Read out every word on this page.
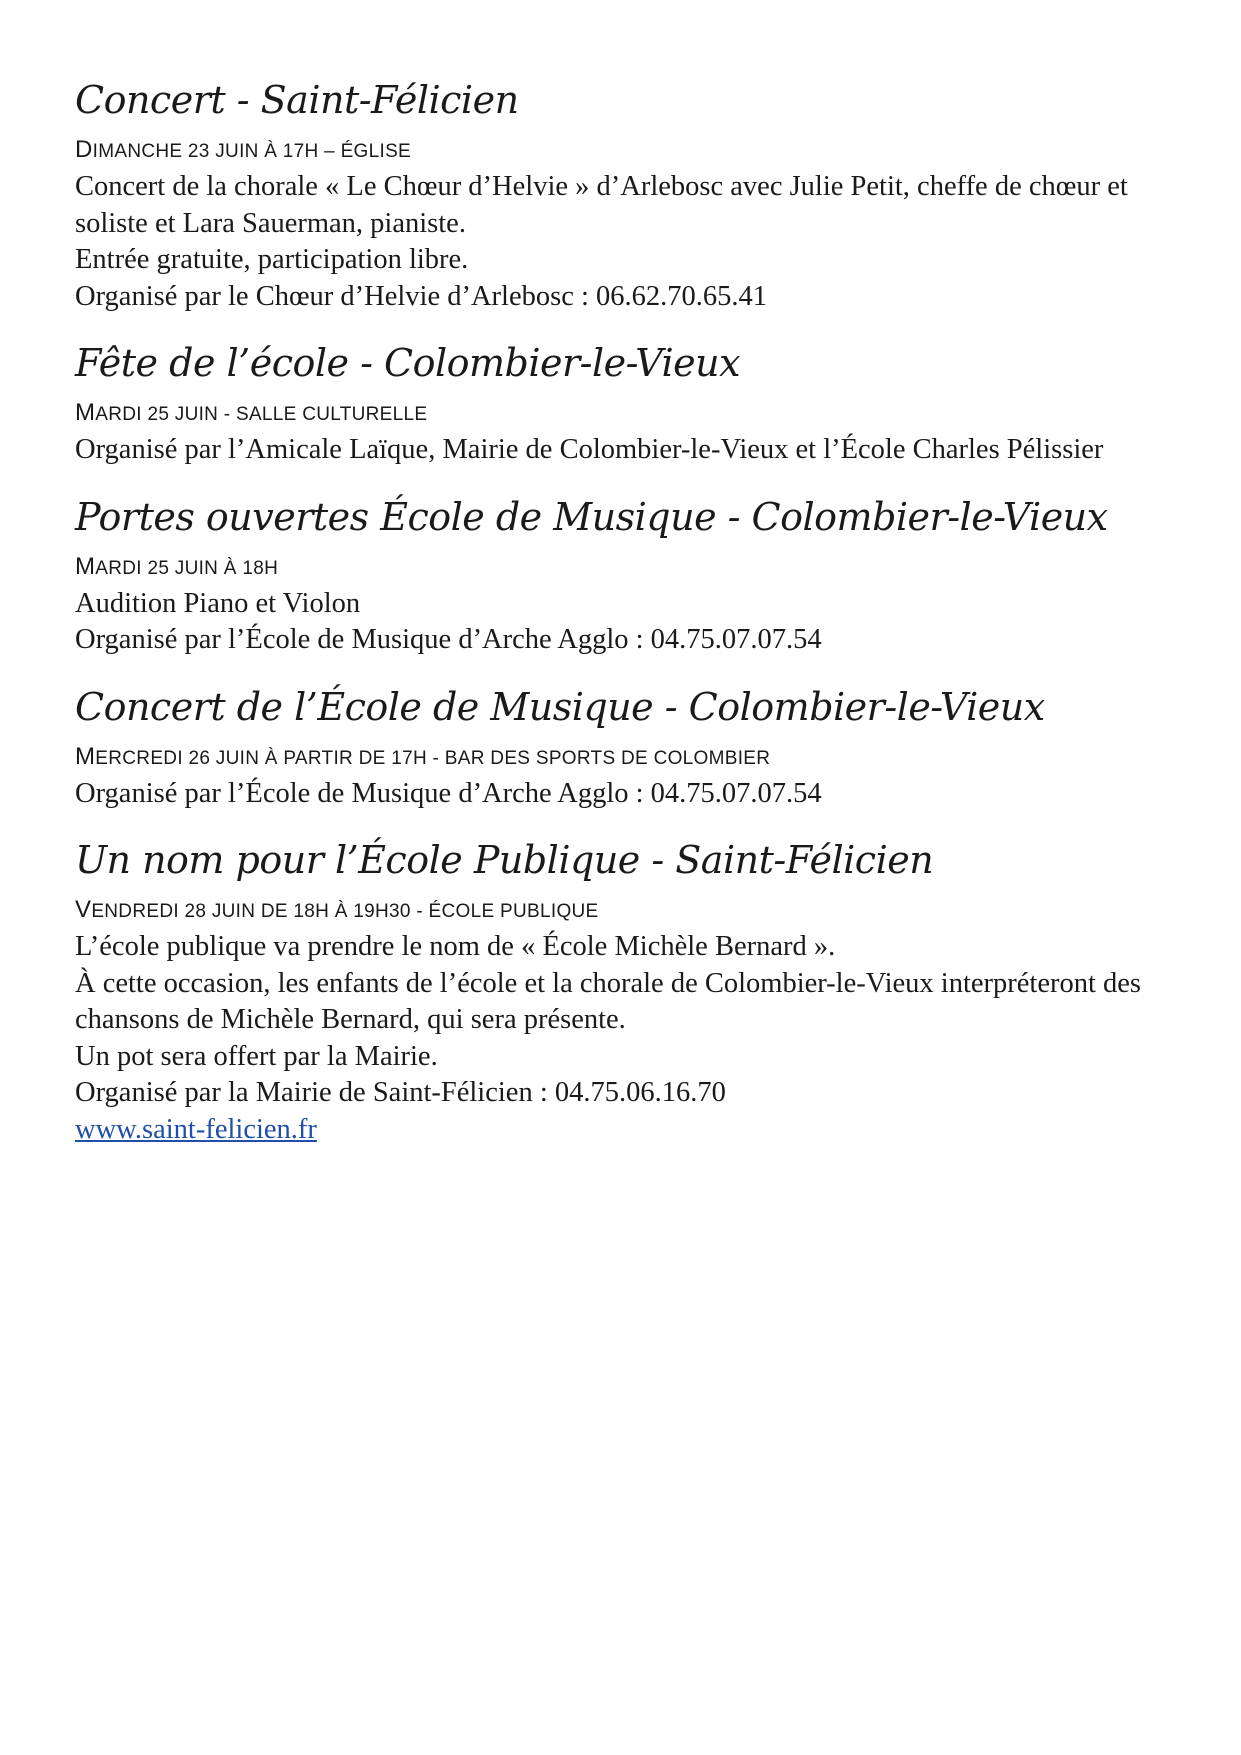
Concert - Saint-Félicien

DIMANCHE 23 JUIN À 17H – ÉGLISE

Concert de la chorale « Le Chœur d’Helvie » d’Arlebosc avec Julie Petit, cheffe de chœur et soliste et Lara Sauerman, pianiste.

Entrée gratuite, participation libre.

Organisé par le Chœur d’Helvie d’Arlebosc : 06.62.70.65.41

Fête de l’école - Colombier-le-Vieux

MARDI 25 JUIN - SALLE CULTURELLE

Organisé par l’Amicale Laïque, Mairie de Colombier-le-Vieux et l’École Charles Pélissier

Portes ouvertes École de Musique - Colombier-le-Vieux

MARDI 25 JUIN À 18H

Audition Piano et Violon

Organisé par l’École de Musique d’Arche Agglo : 04.75.07.07.54

Concert de l’École de Musique - Colombier-le-Vieux

MERCREDI 26 JUIN À PARTIR DE 17H - BAR DES SPORTS DE COLOMBIER

Organisé par l’École de Musique d’Arche Agglo : 04.75.07.07.54

Un nom pour l’École Publique - Saint-Félicien

VENDREDI 28 JUIN DE 18H À 19H30 - ÉCOLE PUBLIQUE

L’école publique va prendre le nom de « École Michèle Bernard ».

À cette occasion, les enfants de l’école et la chorale de Colombier-le-Vieux interpréteront des chansons de Michèle Bernard, qui sera présente.

Un pot sera offert par la Mairie.

Organisé par la Mairie de Saint-Félicien : 04.75.06.16.70

www.saint-felicien.fr
